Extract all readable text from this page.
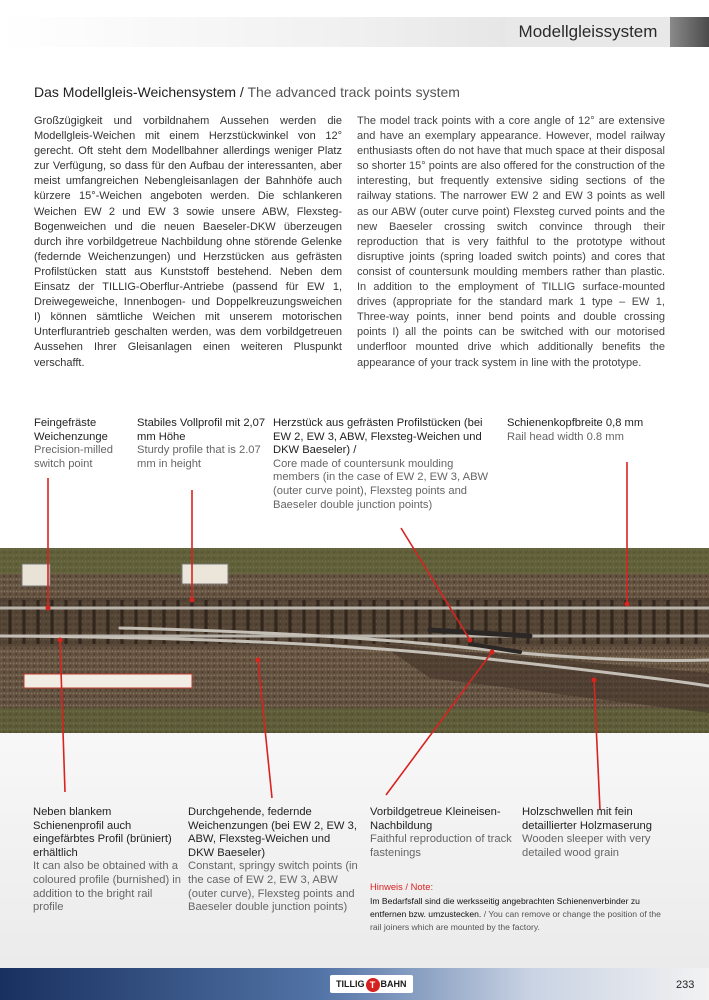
Modellgleissystem
Das Modellgleis-Weichensystem / The advanced track points system
Großzügigkeit und vorbildnahem Aussehen werden die Modellgleis-Weichen mit einem Herzstückwinkel von 12° gerecht. Oft steht dem Modellbahner allerdings weniger Platz zur Verfügung, so dass für den Aufbau der interessanten, aber meist umfangreichen Nebengleisanlagen der Bahnhöfe auch kürzere 15°-Weichen angeboten werden. Die schlankeren Weichen EW 2 und EW 3 sowie unsere ABW, Flexsteg-Bogenweichen und die neuen Baeseler-DKW überzeugen durch ihre vorbildgetreue Nachbildung ohne störende Gelenke (federnde Weichenzungen) und Herzstücken aus gefrästen Profilstücken statt aus Kunststoff bestehend. Neben dem Einsatz der TILLIG-Oberflur-Antriebe (passend für EW 1, Dreiwegeweiche, Innenbogen- und Doppelkreuzungsweichen I) können sämtliche Weichen mit unserem motorischen Unterflurantrieb geschalten werden, was dem vorbildgetreuen Aussehen Ihrer Gleisanlagen einen weiteren Pluspunkt verschafft.
The model track points with a core angle of 12° are extensive and have an exemplary appearance. However, model railway enthusiasts often do not have that much space at their disposal so shorter 15° points are also offered for the construction of the interesting, but frequently extensive siding sections of the railway stations. The narrower EW 2 and EW 3 points as well as our ABW (outer curve point) Flexsteg curved points and the new Baeseler crossing switch convince through their reproduction that is very faithful to the prototype without disruptive joints (spring loaded switch points) and cores that consist of countersunk moulding members rather than plastic. In addition to the employment of TILLIG surface-mounted drives (appropriate for the standard mark 1 type – EW 1, Three-way points, inner bend points and double crossing points I) all the points can be switched with our motorised underfloor mounted drive which additionally benefits the appearance of your track system in line with the prototype.
Feingefräste Weichenzunge
Precision-milled switch point
Stabiles Vollprofil mit 2,07 mm Höhe
Sturdy profile that is 2.07 mm in height
Herzstück aus gefrästen Profilstücken (bei EW 2, EW 3, ABW, Flexsteg-Weichen und DKW Baeseler) /
Core made of countersunk moulding members (in the case of EW 2, EW 3, ABW (outer curve point), Flexsteg points and Baeseler double junction points)
Schienenkopfbreite 0,8 mm
Rail head width 0.8 mm
Neben blankem Schienenprofil auch eingefärbtes Profil (brüniert) erhältlich
It can also be obtained with a coloured profile (burnished) in addition to the bright rail profile
Durchgehende, federnde Weichenzungen (bei EW 2, EW 3, ABW, Flexsteg-Weichen und DKW Baeseler)
Constant, springy switch points (in the case of EW 2, EW 3, ABW (outer curve), Flexsteg points and Baeseler double junction points)
Vorbildgetreue Kleineisen-Nachbildung
Faithful reproduction of track fastenings
Holzschwellen mit fein detaillierter Holzmaserung
Wooden sleeper with very detailed wood grain
Hinweis / Note:
Im Bedarfsfall sind die werksseitig angebrachten Schienenverbinder zu entfernen bzw. umzustecken. / You can remove or change the position of the rail joiners which are mounted by the factory.
TILLIG T BAHN	233
